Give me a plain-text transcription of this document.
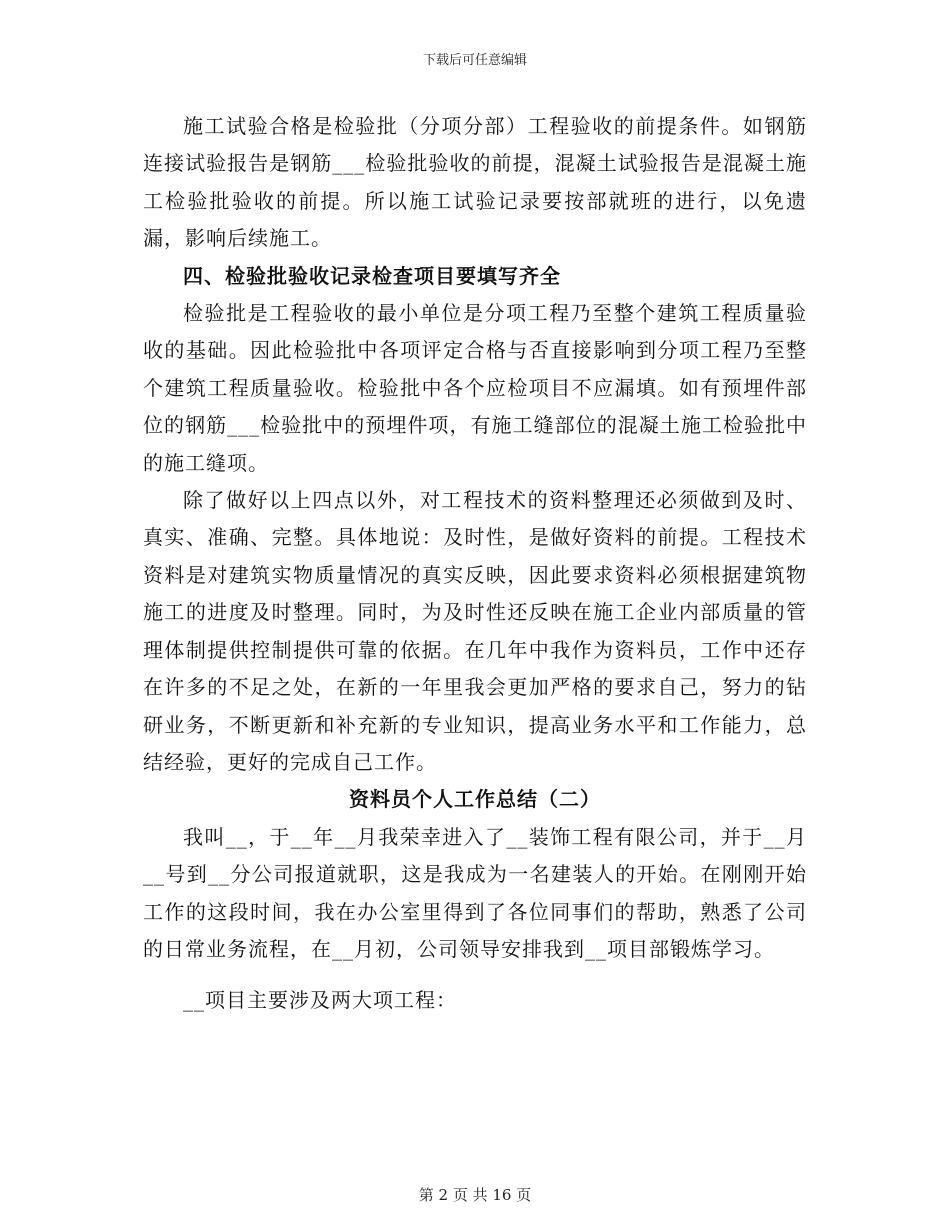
下载后可任意编辑

施工试验合格是检验批（分项分部）工程验收的前提条件。如钢筋连接试验报告是钢筋___检验批验收的前提，混凝土试验报告是混凝土施工检验批验收的前提。所以施工试验记录要按部就班的进行，以免遗漏，影响后续施工。

四、检验批验收记录检查项目要填写齐全

检验批是工程验收的最小单位是分项工程乃至整个建筑工程质量验收的基础。因此检验批中各项评定合格与否直接影响到分项工程乃至整个建筑工程质量验收。检验批中各个应检项目不应漏填。如有预埋件部位的钢筋___检验批中的预埋件项，有施工缝部位的混凝土施工检验批中的施工缝项。

除了做好以上四点以外，对工程技术的资料整理还必须做到及时、真实、准确、完整。具体地说：及时性，是做好资料的前提。工程技术资料是对建筑实物质量情况的真实反映，因此要求资料必须根据建筑物施工的进度及时整理。同时，为及时性还反映在施工企业内部质量的管理体制提供控制提供可靠的依据。在几年中我作为资料员，工作中还存在许多的不足之处，在新的一年里我会更加严格的要求自己，努力的钻研业务，不断更新和补充新的专业知识，提高业务水平和工作能力，总结经验，更好的完成自己工作。

资料员个人工作总结（二）

我叫__，于__年__月我荣幸进入了__装饰工程有限公司，并于__月__号到__分公司报道就职，这是我成为一名建装人的开始。在刚刚开始工作的这段时间，我在办公室里得到了各位同事们的帮助，熟悉了公司的日常业务流程，在__月初，公司领导安排我到__项目部锻炼学习。

__项目主要涉及两大项工程：

第 2 页 共 16 页
